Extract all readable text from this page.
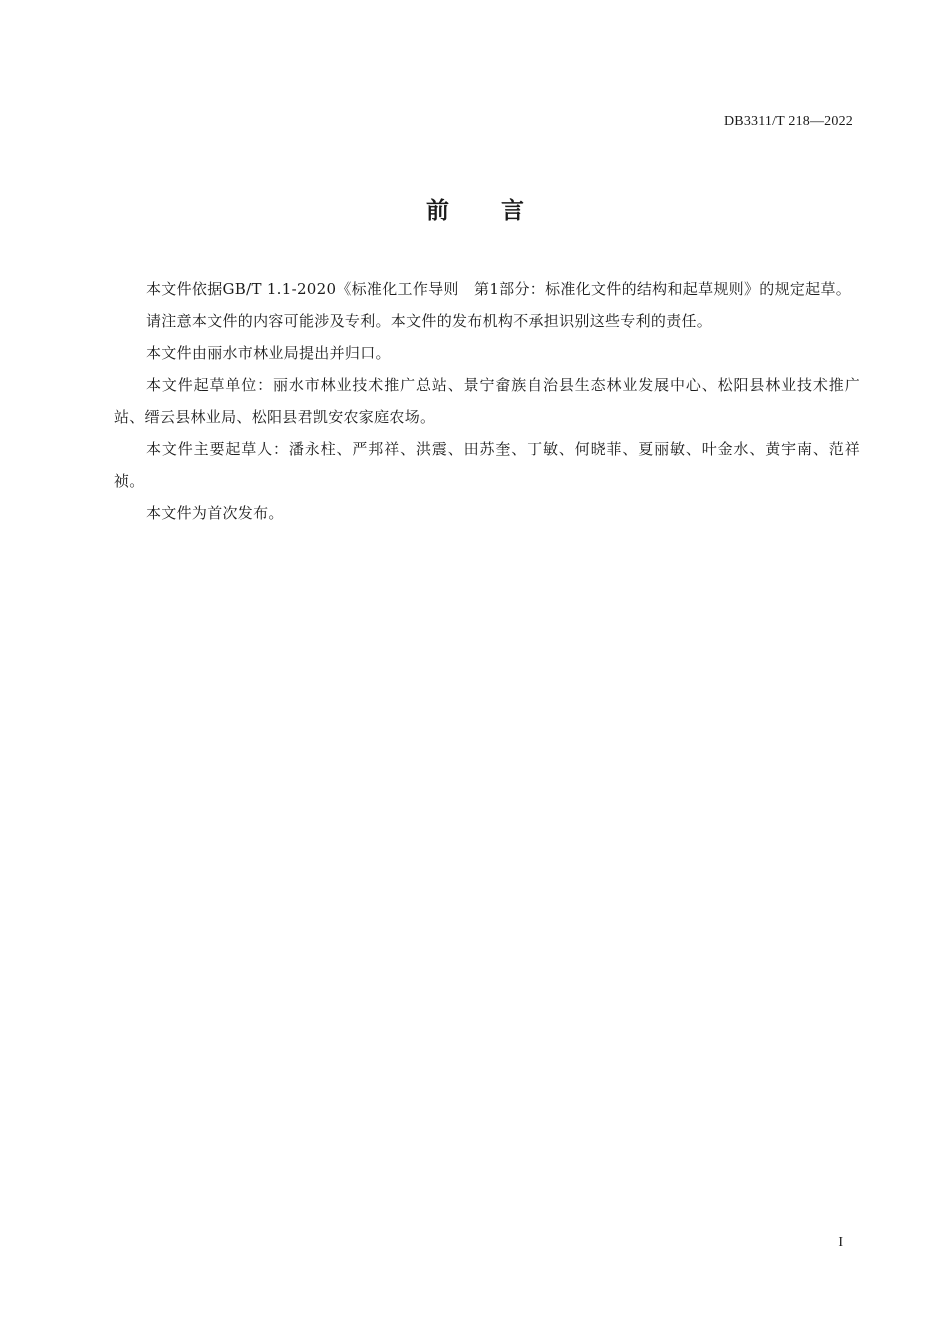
DB3311/T 218—2022
前 言

本文件依据GB/T 1.1-2020《标准化工作导则　第1部分：标准化文件的结构和起草规则》的规定起草。

请注意本文件的内容可能涉及专利。本文件的发布机构不承担识别这些专利的责任。

本文件由丽水市林业局提出并归口。

本文件起草单位：丽水市林业技术推广总站、景宁畲族自治县生态林业发展中心、松阳县林业技术推广站、缙云县林业局、松阳县君凯安农家庭农场。

本文件主要起草人：潘永柱、严邦祥、洪震、田苏奎、丁敏、何晓菲、夏丽敏、叶金水、黄宇南、范祥祯。

本文件为首次发布。

I
